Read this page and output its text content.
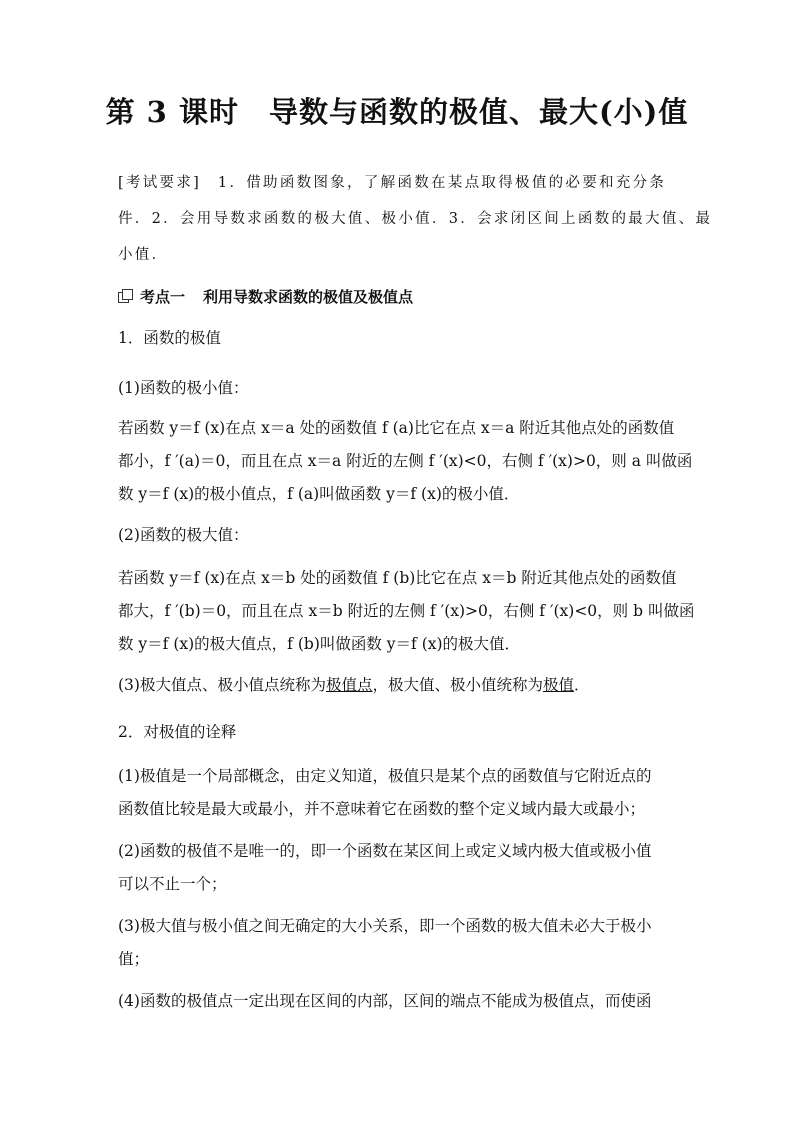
第 3 课时　导数与函数的极值、最大(小)值

[考试要求]　1．借助函数图象，了解函数在某点取得极值的必要和充分条

件．2．会用导数求函数的极大值、极小值．3．会求闭区间上函数的最大值、最

小值．

考点一 利用导数求函数的极值及极值点
1．函数的极值
(1)函数的极小值：

若函数 y＝f (x)在点 x＝a 处的函数值 f (a)比它在点 x＝a 附近其他点处的函数值

都小，f ′(a)＝0，而且在点 x＝a 附近的左侧 f ′(x)<0，右侧 f ′(x)>0，则 a 叫做函

数 y＝f (x)的极小值点，f (a)叫做函数 y＝f (x)的极小值．

(2)函数的极大值：

若函数 y＝f (x)在点 x＝b 处的函数值 f (b)比它在点 x＝b 附近其他点处的函数值

都大，f ′(b)＝0，而且在点 x＝b 附近的左侧 f ′(x)>0，右侧 f ′(x)<0，则 b 叫做函

数 y＝f (x)的极大值点，f (b)叫做函数 y＝f (x)的极大值．

(3)极大值点、极小值点统称为极值点，极大值、极小值统称为极值．
2．对极值的诠释

(1)极值是一个局部概念，由定义知道，极值只是某个点的函数值与它附近点的

函数值比较是最大或最小，并不意味着它在函数的整个定义域内最大或最小；

(2)函数的极值不是唯一的，即一个函数在某区间上或定义域内极大值或极小值

可以不止一个；

(3)极大值与极小值之间无确定的大小关系，即一个函数的极大值未必大于极小

值；

(4)函数的极值点一定出现在区间的内部，区间的端点不能成为极值点，而使函
